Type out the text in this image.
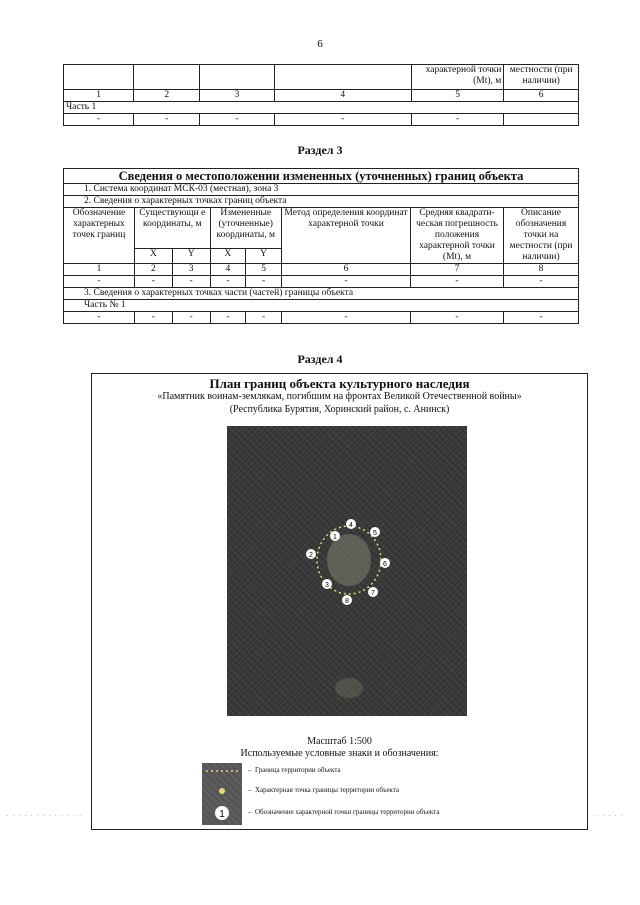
6
				характерной точки (Mt), м	местности (при наличии)
1	2	3	4	5	6
Часть 1					
-	-	-	-	-	
Раздел 3
Сведения о местоположении измененных (уточненных) границ объекта							
1. Система координат МСК-03 (местная), зона 3							
2. Сведения о характерных точках границ объекта							
Обозначение характерных точек границ	Существующи е координаты, м		Измененные (уточненные) координаты, м		Метод определения координат характерной точки	Средняя квадрати-ческая погрешность положения характерной точки (Mt), м	Описание обозначения точки на местности (при наличии)
	X	Y	X	Y			
1	2	3	4	5	6	7	8
-	-	-	-	-	-	-	-
3. Сведения о характерных точках части (частей) границы объекта							
Часть № 1							
-	-	-	-	-	-	-	-
Раздел 4
План границ объекта культурного наследия
«Памятник воинам-землякам, погибшим на фронтах Великой Отечественной войны»
(Республика Бурятия, Хоринский район, с. Анинск)
1
2
3
4
5
6
7
8
Масштаб 1:500
Используемые условные знаки и обозначения:
1
–  Граница территории объекта
–  Характерная точка границы территории объекта
–  Обозначение характерной точки границы территории объекта
· · · · · · · · · · · · ·	· · · · ·
